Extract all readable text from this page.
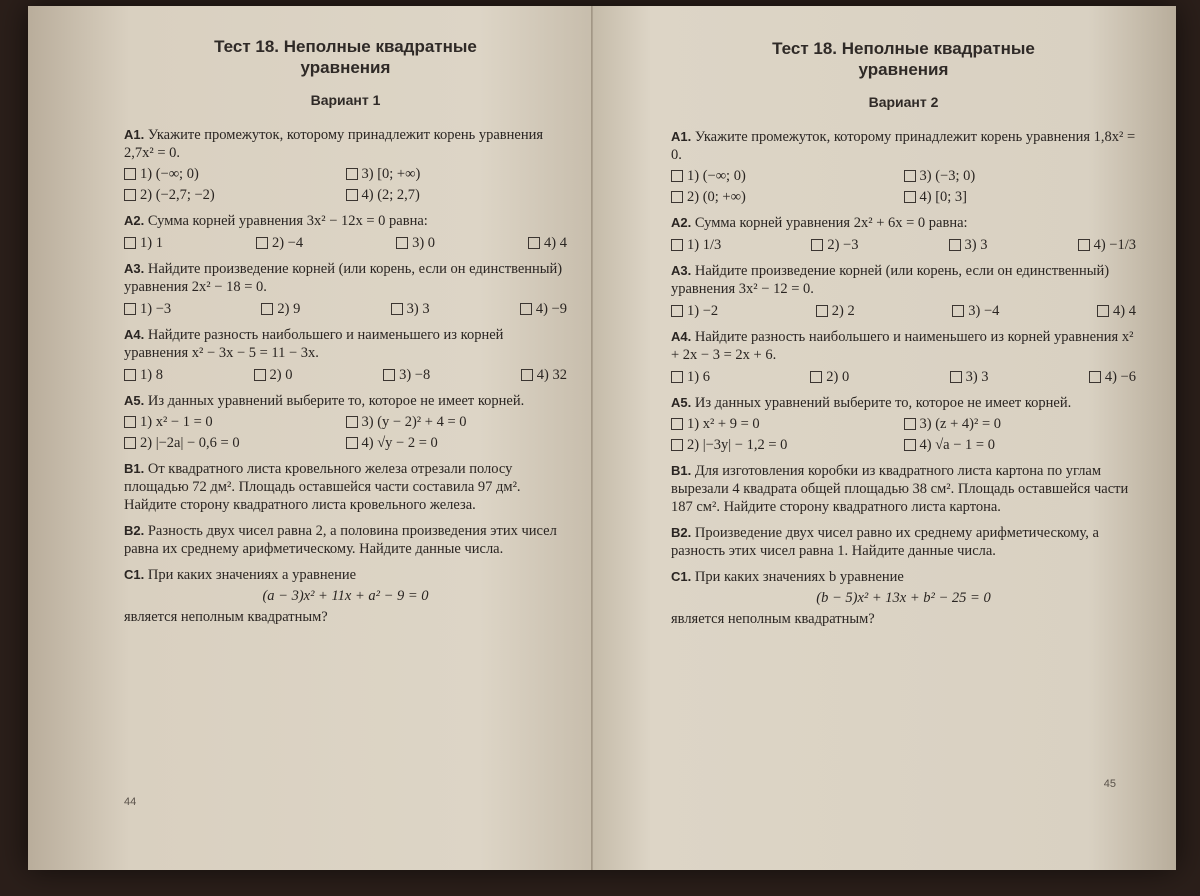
Тест 18. Неполные квадратные
уравнения
Вариант 1
А1. Укажите промежуток, которому принадлежит корень уравнения 2,7x² = 0.
1) (−∞; 0)	3) [0; +∞)
2) (−2,7; −2)	4) (2; 2,7)
А2. Сумма корней уравнения 3x² − 12x = 0 равна:
1) 1	2) −4	3) 0	4) 4
А3. Найдите произведение корней (или корень, если он единственный) уравнения 2x² − 18 = 0.
1) −3	2) 9	3) 3	4) −9
А4. Найдите разность наибольшего и наименьшего из корней уравнения x² − 3x − 5 = 11 − 3x.
1) 8	2) 0	3) −8	4) 32
А5. Из данных уравнений выберите то, которое не имеет корней.
1) x² − 1 = 0	3) (y − 2)² + 4 = 0
2) |−2a| − 0,6 = 0	4) √y − 2 = 0
В1. От квадратного листа кровельного железа отрезали полосу площадью 72 дм². Площадь оставшейся части составила 97 дм². Найдите сторону квадратного листа кровельного железа.
В2. Разность двух чисел равна 2, а половина произведения этих чисел равна их среднему арифметическому. Найдите данные числа.
С1. При каких значениях a уравнение
(a − 3)x² + 11x + a² − 9 = 0
является неполным квадратным?
44
Тест 18. Неполные квадратные
уравнения
Вариант 2
А1. Укажите промежуток, которому принадлежит корень уравнения 1,8x² = 0.
1) (−∞; 0)	3) (−3; 0)
2) (0; +∞)	4) [0; 3]
А2. Сумма корней уравнения 2x² + 6x = 0 равна:
1) 1/3	2) −3	3) 3	4) −1/3
А3. Найдите произведение корней (или корень, если он единственный) уравнения 3x² − 12 = 0.
1) −2	2) 2	3) −4	4) 4
А4. Найдите разность наибольшего и наименьшего из корней уравнения x² + 2x − 3 = 2x + 6.
1) 6	2) 0	3) 3	4) −6
А5. Из данных уравнений выберите то, которое не имеет корней.
1) x² + 9 = 0	3) (z + 4)² = 0
2) |−3y| − 1,2 = 0	4) √a − 1 = 0
В1. Для изготовления коробки из квадратного листа картона по углам вырезали 4 квадрата общей площадью 38 см². Площадь оставшейся части 187 см². Найдите сторону квадратного листа картона.
В2. Произведение двух чисел равно их среднему арифметическому, а разность этих чисел равна 1. Найдите данные числа.
С1. При каких значениях b уравнение
(b − 5)x² + 13x + b² − 25 = 0
является неполным квадратным?
45
